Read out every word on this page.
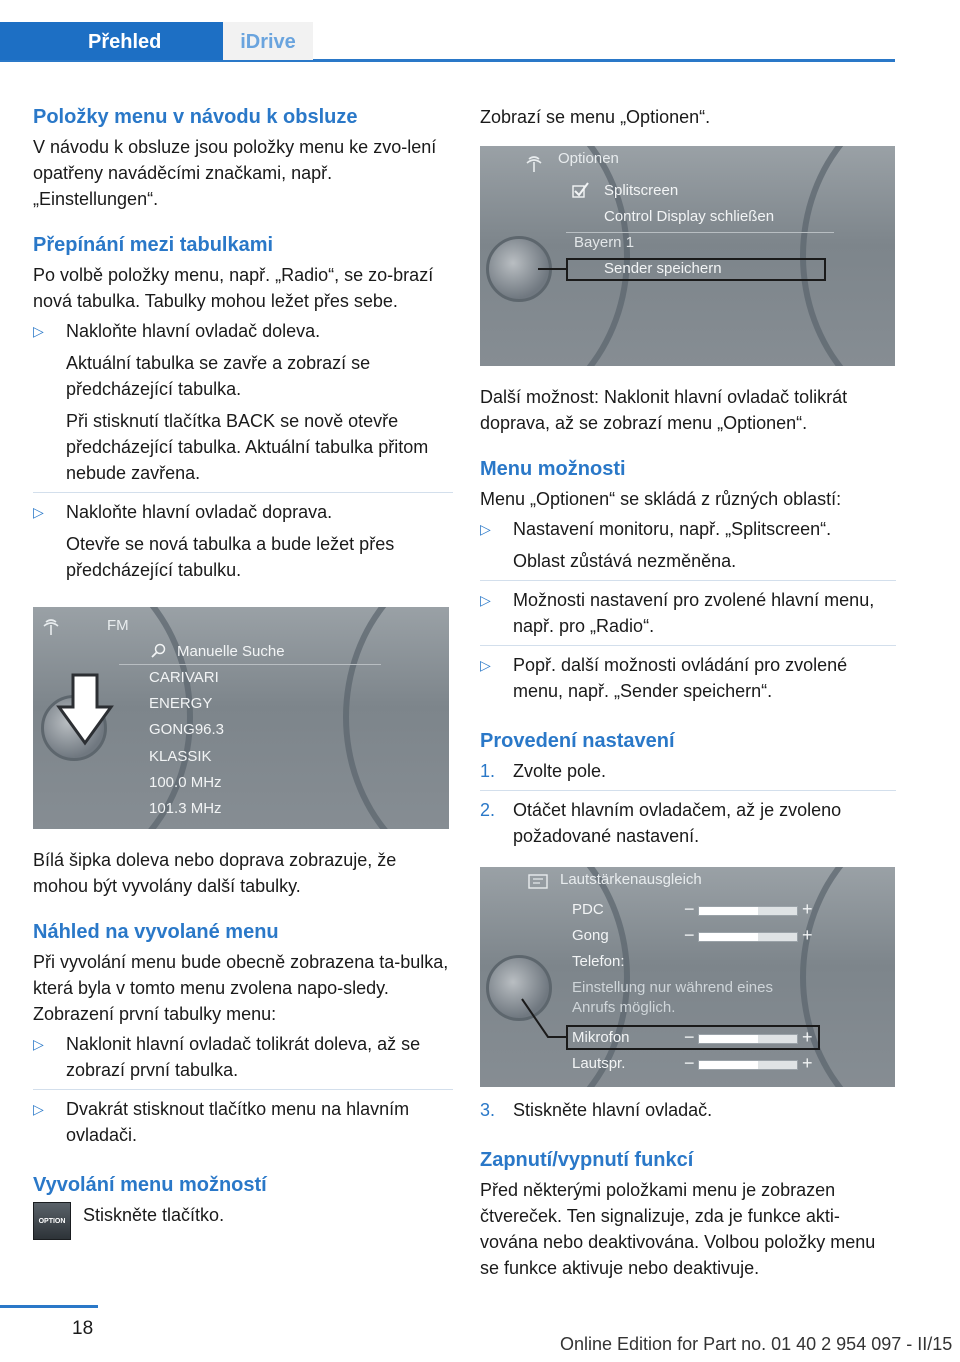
Přehled	iDrive
Položky menu v návodu k obsluze

V návodu k obsluze jsou položky menu ke zvo-lení opatřeny naváděcími značkami, např. „Einstellungen“.

Přepínání mezi tabulkami

Po volbě položky menu, např. „Radio“, se zo-brazí nová tabulka. Tabulky mohou ležet přes sebe.

▷ Nakloňte hlavní ovladač doleva.
Aktuální tabulka se zavře a zobrazí se předcházející tabulka.
Při stisknutí tlačítka BACK se nově otevře předcházející tabulka. Aktuální tabulka přitom nebude zavřena.
▷ Nakloňte hlavní ovladač doprava.
Otevře se nová tabulka a bude ležet přes předcházející tabulku.
FM
Manuelle Suche
CARIVARI
ENERGY
GONG96.3
KLASSIK
100.0 MHz
101.3 MHz

Bílá šipka doleva nebo doprava zobrazuje, že mohou být vyvolány další tabulky.

Náhled na vyvolané menu

Při vyvolání menu bude obecně zobrazena ta-bulka, která byla v tomto menu zvolena napo-sledy. Zobrazení první tabulky menu:

▷ Naklonit hlavní ovladač tolikrát doleva, až se zobrazí první tabulka.
▷ Dvakrát stisknout tlačítko menu na hlavním ovladači.
Vyvolání menu možností
OPTION Stiskněte tlačítko.

Zobrazí se menu „Optionen“.

Optionen
Splitscreen
Control Display schließen
Bayern 1
Sender speichern

Další možnost: Naklonit hlavní ovladač tolikrát doprava, až se zobrazí menu „Optionen“.

Menu možnosti

Menu „Optionen“ se skládá z různých oblastí:

▷ Nastavení monitoru, např. „Splitscreen“.
Oblast zůstává nezměněna.
▷ Možnosti nastavení pro zvolené hlavní menu, např. pro „Radio“.
▷ Popř. další možnosti ovládání pro zvolené menu, např. „Sender speichern“.
Provedení nastavení
1. Zvolte pole.
2. Otáčet hlavním ovladačem, až je zvoleno požadované nastavení.
Lautstärkenausgleich
PDC	−	+
Gong	−	+
Telefon:
Einstellung nur während eines
Anrufs möglich.
Mikrofon	−	+
Lautspr.	−	+
3. Stiskněte hlavní ovladač.
Zapnutí/vypnutí funkcí

Před některými položkami menu je zobrazen čtvereček. Ten signalizuje, zda je funkce akti-vována nebo deaktivována. Volbou položky menu se funkce aktivuje nebo deaktivuje.

18
Online Edition for Part no. 01 40 2 954 097 - II/15
